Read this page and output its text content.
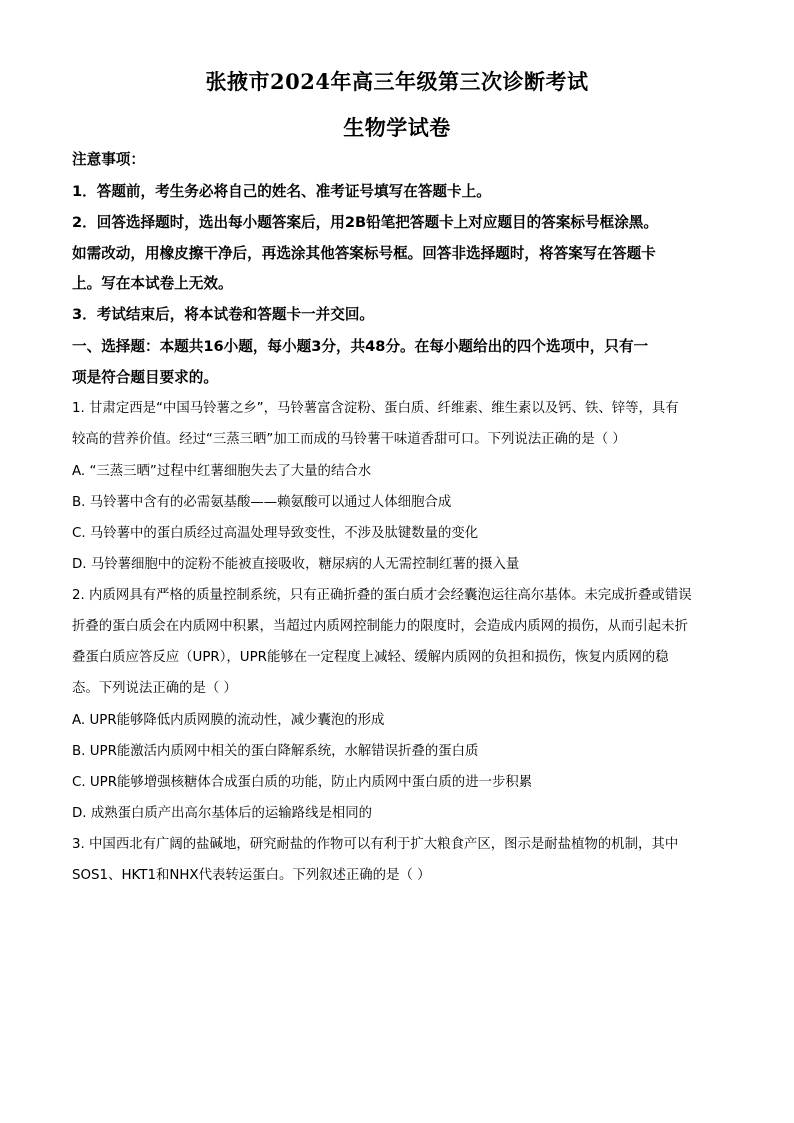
张掖市2024年高三年级第三次诊断考试
生物学试卷
注意事项：
1．答题前，考生务必将自己的姓名、准考证号填写在答题卡上。
2．回答选择题时，选出每小题答案后，用2B铅笔把答题卡上对应题目的答案标号框涂黑。
如需改动，用橡皮擦干净后，再选涂其他答案标号框。回答非选择题时，将答案写在答题卡
上。写在本试卷上无效。
3．考试结束后，将本试卷和答题卡一并交回。
一、选择题：本题共16小题，每小题3分，共48分。在每小题给出的四个选项中，只有一
项是符合题目要求的。
1. 甘肃定西是“中国马铃薯之乡”，马铃薯富含淀粉、蛋白质、纤维素、维生素以及钙、铁、锌等，具有
较高的营养价值。经过“三蒸三晒”加工而成的马铃薯干味道香甜可口。下列说法正确的是（ ）
A. “三蒸三晒”过程中红薯细胞失去了大量的结合水
B. 马铃薯中含有的必需氨基酸——赖氨酸可以通过人体细胞合成
C. 马铃薯中的蛋白质经过高温处理导致变性，不涉及肽键数量的变化
D. 马铃薯细胞中的淀粉不能被直接吸收，糖尿病的人无需控制红薯的摄入量
2. 内质网具有严格的质量控制系统，只有正确折叠的蛋白质才会经囊泡运往高尔基体。未完成折叠或错误
折叠的蛋白质会在内质网中积累，当超过内质网控制能力的限度时，会造成内质网的损伤，从而引起未折
叠蛋白质应答反应（UPR），UPR能够在一定程度上减轻、缓解内质网的负担和损伤，恢复内质网的稳
态。下列说法正确的是（ ）
A. UPR能够降低内质网膜的流动性，减少囊泡的形成
B. UPR能激活内质网中相关的蛋白降解系统，水解错误折叠的蛋白质
C. UPR能够增强核糖体合成蛋白质的功能，防止内质网中蛋白质的进一步积累
D. 成熟蛋白质产出高尔基体后的运输路线是相同的
3. 中国西北有广阔的盐碱地，研究耐盐的作物可以有利于扩大粮食产区，图示是耐盐植物的机制，其中
SOS1、HKT1和NHX代表转运蛋白。下列叙述正确的是（ ）
